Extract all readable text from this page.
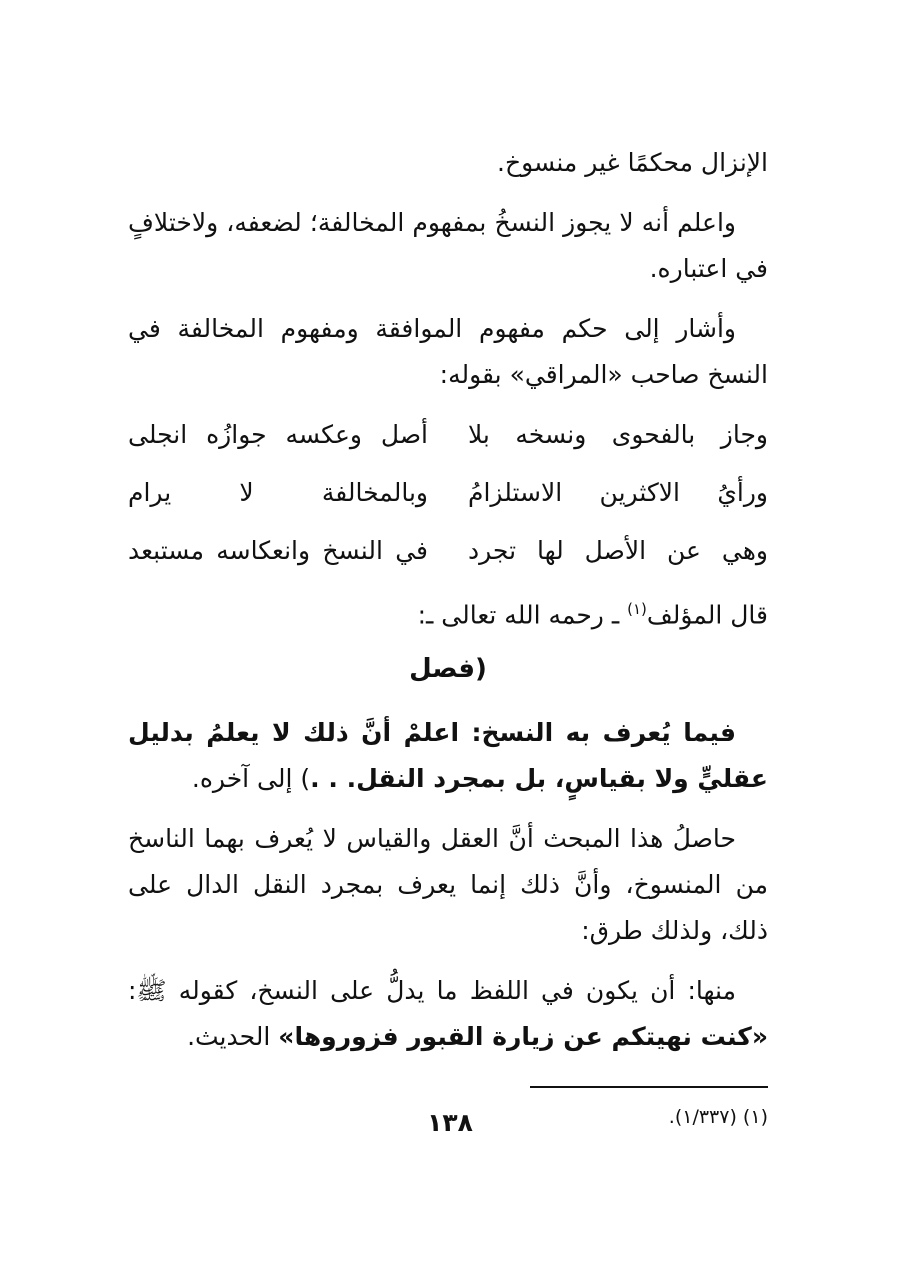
الإنزال محكمًا غير منسوخ.

واعلم أنه لا يجوز النسخُ بمفهوم المخالفة؛ لضعفه، ولاختلافٍ في اعتباره.

وأشار إلى حكم مفهوم الموافقة ومفهوم المخالفة في النسخ صاحب «المراقي» بقوله:

وجاز بالفحوى ونسخه بلا
أصل وعكسه جوازُه انجلى
ورأيُ الاكثرين الاستلزامُ
وبالمخالفة لا يرام
وهي عن الأصل لها تجرد
في النسخ وانعكاسه مستبعد

قال المؤلف$^{(١)}$ ـ رحمه الله تعالى ـ:

(فصل

فيما يُعرف به النسخ: اعلمْ أنَّ ذلك لا يعلمُ بدليل عقليٍّ ولا بقياسٍ، بل بمجرد النقل. . .) إلى آخره.

حاصلُ هذا المبحث أنَّ العقل والقياس لا يُعرف بهما الناسخ من المنسوخ، وأنَّ ذلك إنما يعرف بمجرد النقل الدال على ذلك، ولذلك طرق:

منها: أن يكون في اللفظ ما يدلُّ على النسخ، كقوله ﷺ: «كنت نهيتكم عن زيارة القبور فزوروها» الحديث.

(١) (١/٣٣٧).
١٣٨
